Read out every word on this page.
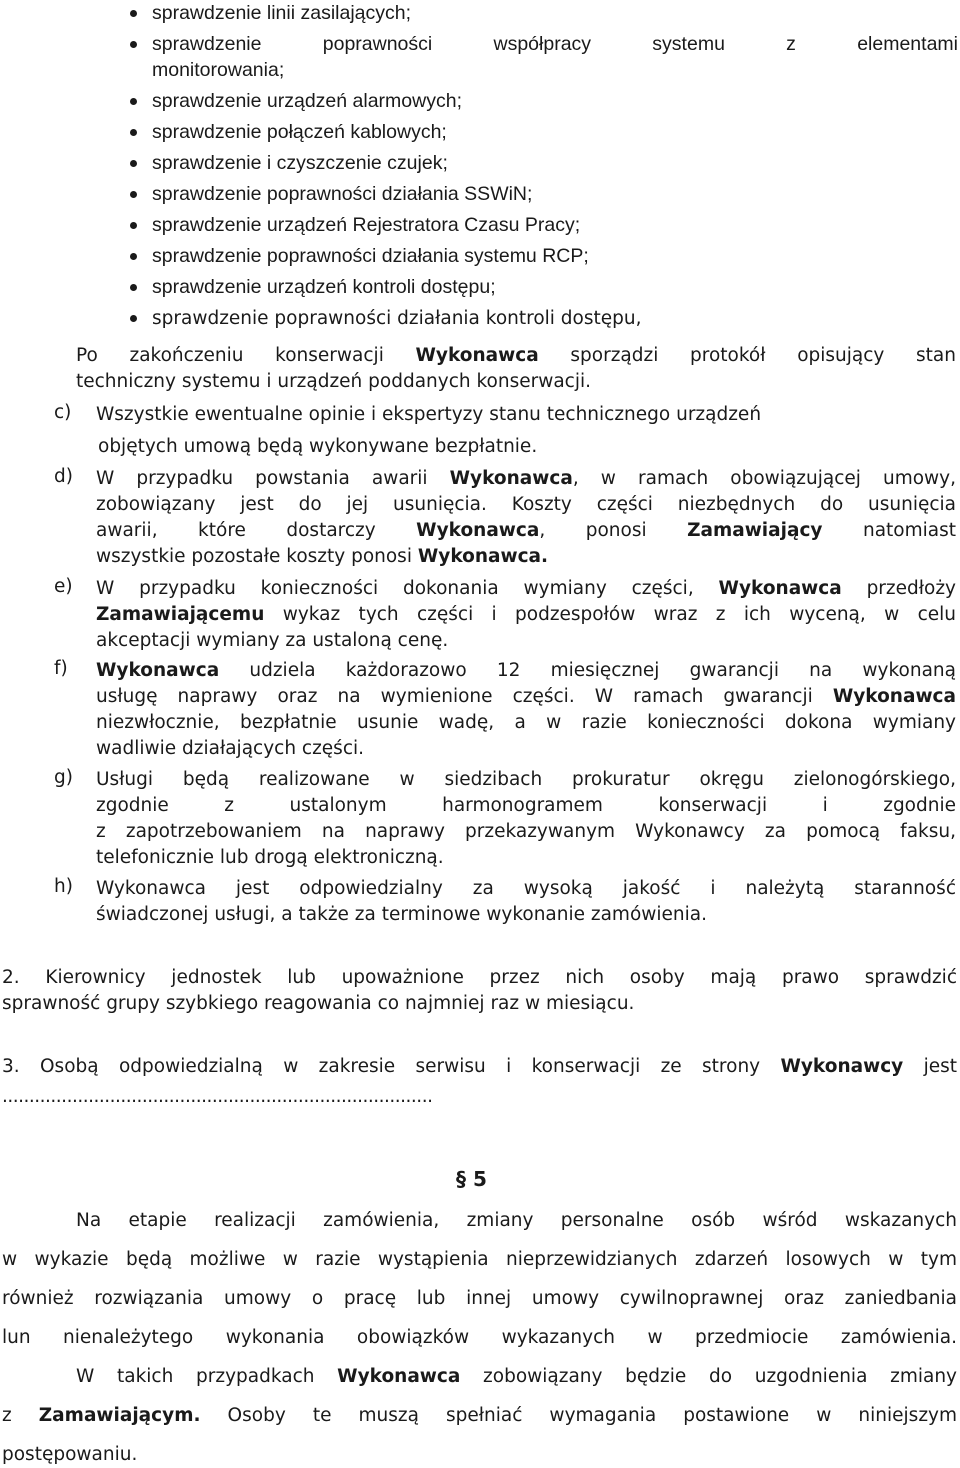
sprawdzenie linii zasilających;
sprawdzenie poprawności współpracy systemu z elementami
monitorowania;
sprawdzenie urządzeń alarmowych;
sprawdzenie połączeń kablowych;
sprawdzenie i czyszczenie czujek;
sprawdzenie poprawności działania SSWiN;
sprawdzenie urządzeń Rejestratora Czasu Pracy;
sprawdzenie poprawności działania systemu RCP;
sprawdzenie urządzeń kontroli dostępu;
sprawdzenie poprawności działania kontroli dostępu,
Po zakończeniu konserwacji Wykonawca sporządzi protokół opisujący stan
techniczny systemu i urządzeń poddanych konserwacji.
c) Wszystkie ewentualne opinie i ekspertyzy stanu technicznego urządzeń
objętych umową będą wykonywane bezpłatnie.
d) W przypadku powstania awarii Wykonawca, w ramach obowiązującej umowy,
zobowiązany jest do jej usunięcia. Koszty części niezbędnych do usunięcia
awarii, które dostarczy Wykonawca, ponosi Zamawiający natomiast
wszystkie pozostałe koszty ponosi Wykonawca.
e) W przypadku konieczności dokonania wymiany części, Wykonawca przedłoży
Zamawiającemu wykaz tych części i podzespołów wraz z ich wyceną, w celu
akceptacji wymiany za ustaloną cenę.
f) Wykonawca udziela każdorazowo 12 miesięcznej gwarancji na wykonaną
usługę naprawy oraz na wymienione części. W ramach gwarancji Wykonawca
niezwłocznie, bezpłatnie usunie wadę, a w razie konieczności dokona wymiany
wadliwie działających części.
g) Usługi będą realizowane w siedzibach prokuratur okręgu zielonogórskiego,
zgodnie z ustalonym harmonogramem konserwacji i zgodnie
z zapotrzebowaniem na naprawy przekazywanym Wykonawcy za pomocą faksu,
telefonicznie lub drogą elektroniczną.
h) Wykonawca jest odpowiedzialny za wysoką jakość i należytą staranność
świadczonej usługi, a także za terminowe wykonanie zamówienia.
2. Kierownicy jednostek lub upoważnione przez nich osoby mają prawo sprawdzić
sprawność grupy szybkiego reagowania co najmniej raz w miesiącu.
3. Osobą odpowiedzialną w zakresie serwisu i konserwacji ze strony Wykonawcy jest
................................................................................
§ 5
Na etapie realizacji zamówienia, zmiany personalne osób wśród wskazanych
w wykazie będą możliwe w razie wystąpienia nieprzewidzianych zdarzeń losowych w tym
również rozwiązania umowy o pracę lub innej umowy cywilnoprawnej oraz zaniedbania
lun nienależytego wykonania obowiązków wykazanych w przedmiocie zamówienia.
W takich przypadkach Wykonawca zobowiązany będzie do uzgodnienia zmiany
z Zamawiającym. Osoby te muszą spełniać wymagania postawione w niniejszym
postępowaniu.
